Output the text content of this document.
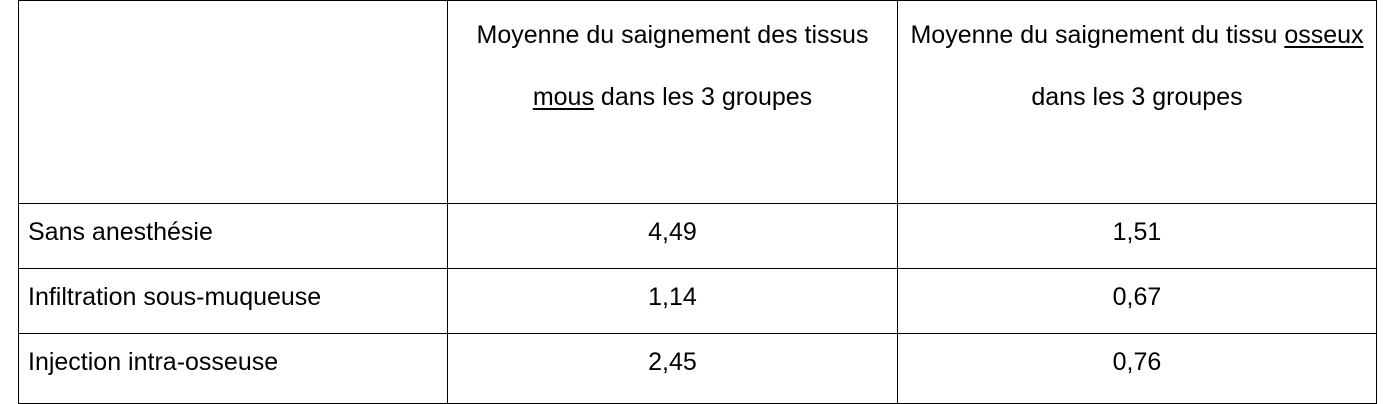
	Moyenne du saignement des tissus mous dans les 3 groupes	Moyenne du saignement du tissu osseux dans les 3 groupes
Sans anesthésie	4,49	1,51
Infiltration sous-muqueuse	1,14	0,67
Injection intra-osseuse	2,45	0,76
